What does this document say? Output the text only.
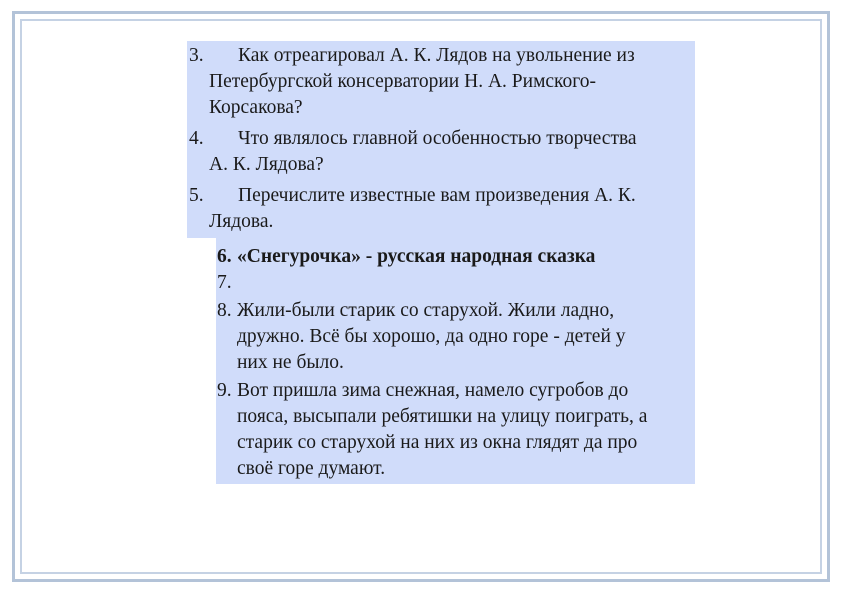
3.	Как отреагировал А. К. Лядов на увольнение из
Петербургской консерватории Н. А. Римского-
Корсакова?
4.	Что являлось главной особенностью творчества
А. К. Лядова?
5.	Перечислите известные вам произведения А. К.
Лядова.
6. «Снегурочка» - русская народная сказка
7.
8. Жили-были старик со старухой. Жили ладно,
дружно. Всё бы хорошо, да одно горе - детей у
них не было.
9. Вот пришла зима снежная, намело сугробов до
пояса, высыпали ребятишки на улицу поиграть, а
старик со старухой на них из окна глядят да про
своё горе думают.
